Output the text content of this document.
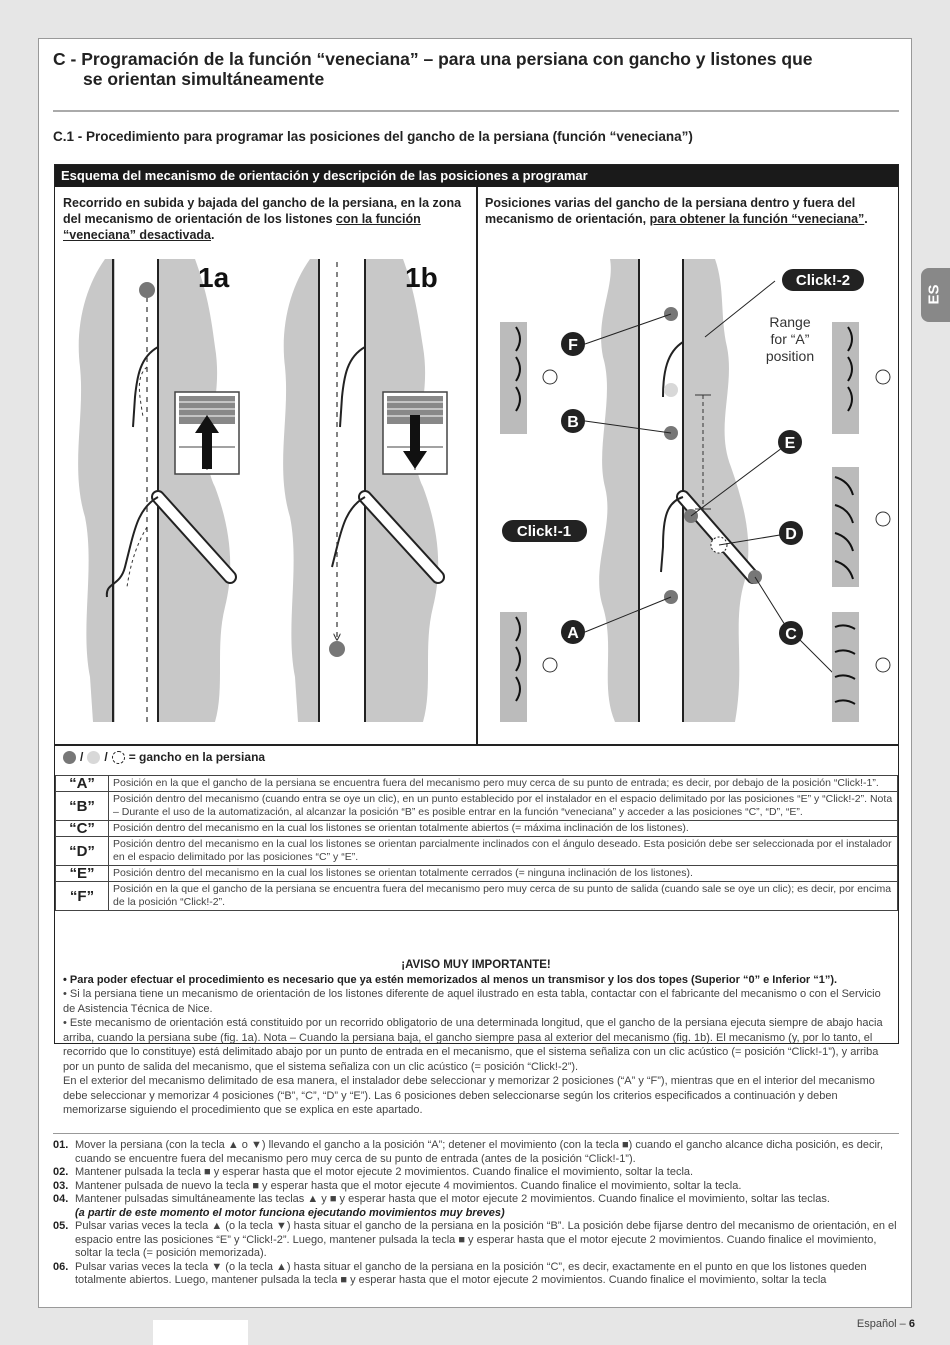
C - Programación de la función “veneciana” – para una persiana con gancho y listones que
se orientan simultáneamente
C.1 - Procedimiento para programar las posiciones del gancho de la persiana (función “veneciana”)
Esquema del mecanismo de orientación y descripción de las posiciones a programar
Recorrido en subida y bajada del gancho de la persiana, en la zona del mecanismo de orientación de los listones con la función “veneciana” desactivada.
Posiciones varias del gancho de la persiana dentro y fuera del mecanismo de orientación, para obtener la función “veneciana”.
1a	1b	Click!-2
Click!-1
Range
for “A”
position
F
B
E
D
A	C
/ / = gancho en la persiana
“A”	Posición en la que el gancho de la persiana se encuentra fuera del mecanismo pero muy cerca de su punto de entrada; es decir, por debajo de la posición “Click!-1”.
“B”	Posición dentro del mecanismo (cuando entra se oye un clic), en un punto establecido por el instalador en el espacio delimitado por las posiciones “E” y “Click!-2”. Nota – Durante el uso de la automatización, al alcanzar la posición “B” es posible entrar en la función “veneciana” y acceder a las posiciones “C”, “D”, “E”.
“C”	Posición dentro del mecanismo en la cual los listones se orientan totalmente abiertos (= máxima inclinación de los listones).
“D”	Posición dentro del mecanismo en la cual los listones se orientan parcialmente inclinados con el ángulo deseado. Esta posición debe ser seleccionada por el instalador en el espacio delimitado por las posiciones “C” y “E”.
“E”	Posición dentro del mecanismo en la cual los listones se orientan totalmente cerrados (= ninguna inclinación de los listones).
“F”	Posición en la que el gancho de la persiana se encuentra fuera del mecanismo pero muy cerca de su punto de salida (cuando sale se oye un clic); es decir, por encima de la posición “Click!-2”.
¡AVISO MUY IMPORTANTE!
• Para poder efectuar el procedimiento es necesario que ya estén memorizados al menos un transmisor y los dos topes (Superior “0” e Inferior “1”).
• Si la persiana tiene un mecanismo de orientación de los listones diferente de aquel ilustrado en esta tabla, contactar con el fabricante del mecanismo o con el Servicio de Asistencia Técnica de Nice.
• Este mecanismo de orientación está constituido por un recorrido obligatorio de una determinada longitud, que el gancho de la persiana ejecuta siempre de abajo hacia arriba, cuando la persiana sube (fig. 1a). Nota – Cuando la persiana baja, el gancho siempre pasa al exterior del mecanismo (fig. 1b). El mecanismo (y, por lo tanto, el recorrido que lo constituye) está delimitado abajo por un punto de entrada en el mecanismo, que el sistema señaliza con un clic acústico (= posición “Click!-1”), y arriba por un punto de salida del mecanismo, que el sistema señaliza con un clic acústico (= posición “Click!-2”).
En el exterior del mecanismo delimitado de esa manera, el instalador debe seleccionar y memorizar 2 posiciones (“A” y “F”), mientras que en el interior del mecanismo debe seleccionar y memorizar 4 posiciones (“B”, “C”, “D” y “E”). Las 6 posiciones deben seleccionarse según los criterios especificados a continuación y deben memorizarse siguiendo el procedimiento que se explica en este apartado.
01. Mover la persiana (con la tecla ▲ o ▼) llevando el gancho a la posición “A”; detener el movimiento (con la tecla ■) cuando el gancho alcance dicha posición, es decir, cuando se encuentre fuera del mecanismo pero muy cerca de su punto de entrada (antes de la posición “Click!-1”).
02. Mantener pulsada la tecla ■ y esperar hasta que el motor ejecute 2 movimientos. Cuando finalice el movimiento, soltar la tecla.
03. Mantener pulsada de nuevo la tecla ■ y esperar hasta que el motor ejecute 4 movimientos. Cuando finalice el movimiento, soltar la tecla.
04. Mantener pulsadas simultáneamente las teclas ▲ y ■ y esperar hasta que el motor ejecute 2 movimientos. Cuando finalice el movimiento, soltar las teclas.
(a partir de este momento el motor funciona ejecutando movimientos muy breves)
05. Pulsar varias veces la tecla ▲ (o la tecla ▼) hasta situar el gancho de la persiana en la posición “B”. La posición debe fijarse dentro del mecanismo de orientación, en el espacio entre las posiciones “E” y “Click!-2”. Luego, mantener pulsada la tecla ■ y esperar hasta que el motor ejecute 2 movimientos. Cuando finalice el movimiento, soltar la tecla (= posición memorizada).
06. Pulsar varias veces la tecla ▼ (o la tecla ▲) hasta situar el gancho de la persiana en la posición “C”, es decir, exactamente en el punto en que los listones queden totalmente abiertos. Luego, mantener pulsada la tecla ■ y esperar hasta que el motor ejecute 2 movimientos. Cuando finalice el movimiento, soltar la tecla
ES
Español – 6
